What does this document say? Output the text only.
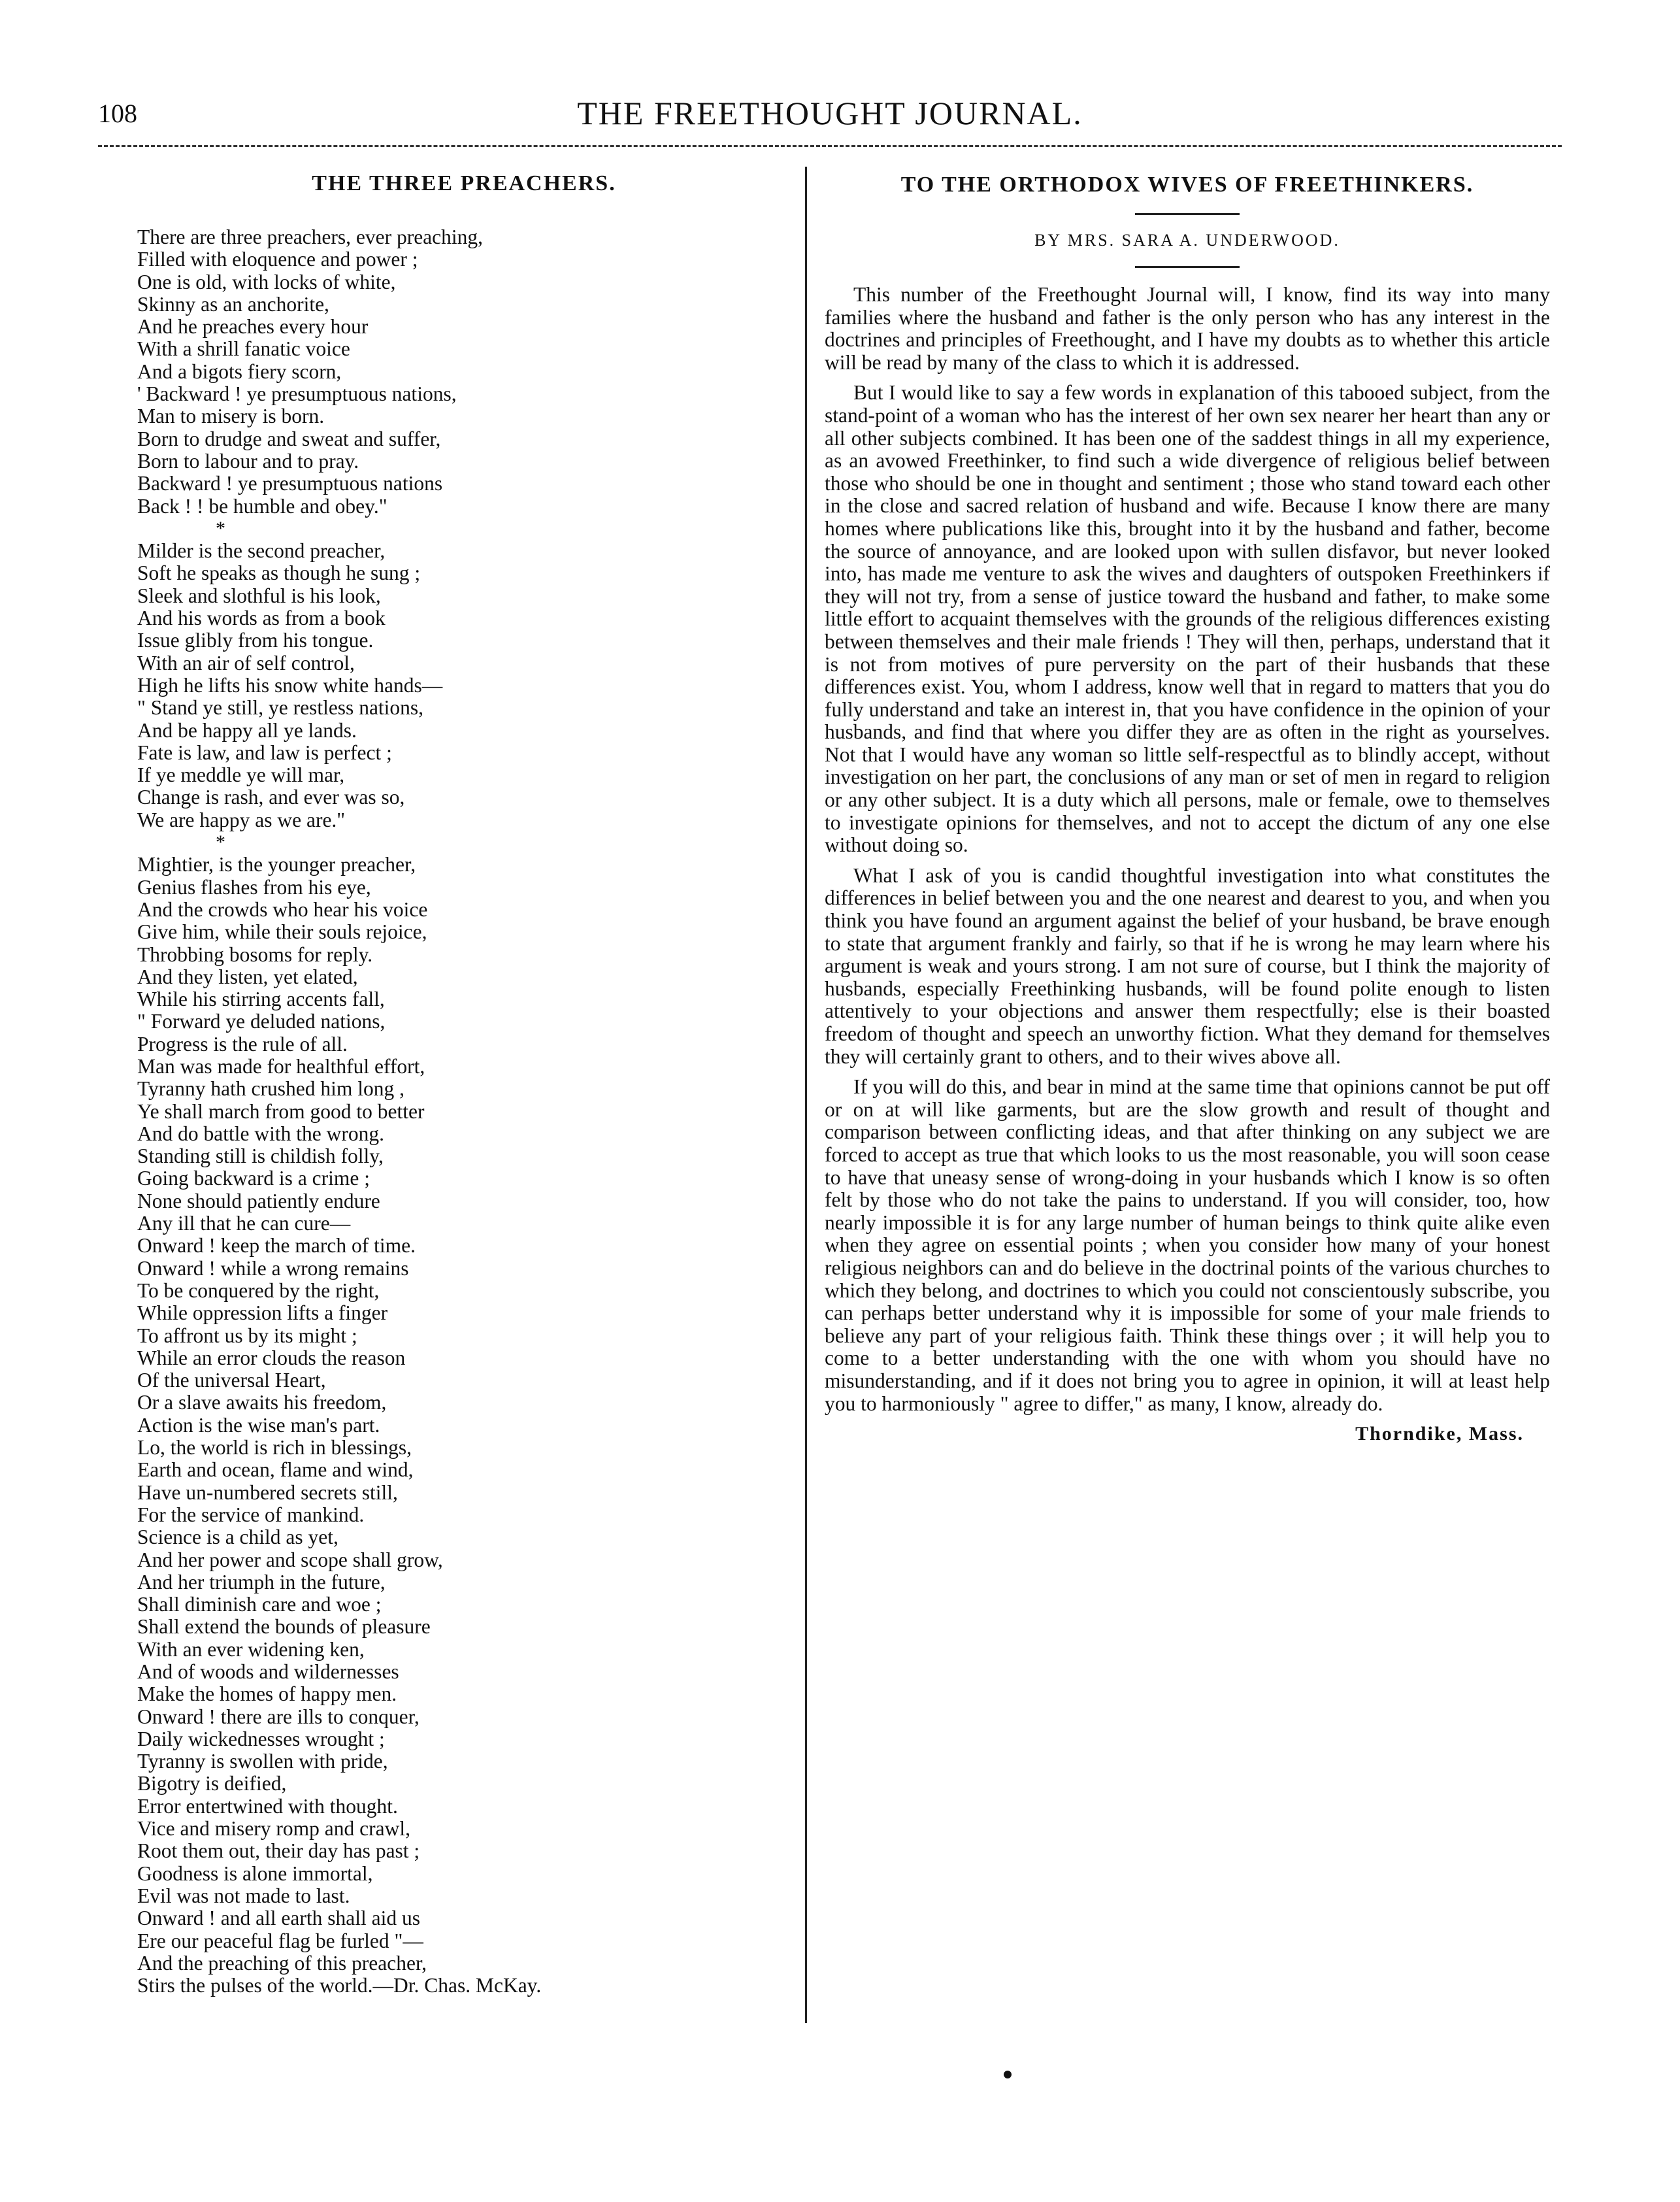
108	THE FREETHOUGHT JOURNAL.
THE THREE PREACHERS.
There are three preachers, ever preaching,
Filled with eloquence and power ;
One is old, with locks of white,
Skinny as an anchorite,
And he preaches every hour
With a shrill fanatic voice
And a bigots fiery scorn,
' Backward ! ye presumptuous nations,
Man to misery is born.
Born to drudge and sweat and suffer,
Born to labour and to pray.
Backward ! ye presumptuous nations
Back ! ! be humble and obey."
*
Milder is the second preacher,
Soft he speaks as though he sung ;
Sleek and slothful is his look,
And his words as from a book
Issue glibly from his tongue.
With an air of self control,
High he lifts his snow white hands—
" Stand ye still, ye restless nations,
And be happy all ye lands.
Fate is law, and law is perfect ;
If ye meddle ye will mar,
Change is rash, and ever was so,
We are happy as we are."
*
Mightier, is the younger preacher,
Genius flashes from his eye,
And the crowds who hear his voice
Give him, while their souls rejoice,
Throbbing bosoms for reply.
And they listen, yet elated,
While his stirring accents fall,
" Forward ye deluded nations,
Progress is the rule of all.
Man was made for healthful effort,
Tyranny hath crushed him long ,
Ye shall march from good to better
And do battle with the wrong.
Standing still is childish folly,
Going backward is a crime ;
None should patiently endure
Any ill that he can cure—
Onward ! keep the march of time.
Onward ! while a wrong remains
To be conquered by the right,
While oppression lifts a finger
To affront us by its might ;
While an error clouds the reason
Of the universal Heart,
Or a slave awaits his freedom,
Action is the wise man's part.
Lo, the world is rich in blessings,
Earth and ocean, flame and wind,
Have un-numbered secrets still,
For the service of mankind.
Science is a child as yet,
And her power and scope shall grow,
And her triumph in the future,
Shall diminish care and woe ;
Shall extend the bounds of pleasure
With an ever widening ken,
And of woods and wildernesses
Make the homes of happy men.
Onward ! there are ills to conquer,
Daily wickednesses wrought ;
Tyranny is swollen with pride,
Bigotry is deified,
Error entertwined with thought.
Vice and misery romp and crawl,
Root them out, their day has past ;
Goodness is alone immortal,
Evil was not made to last.
Onward ! and all earth shall aid us
Ere our peaceful flag be furled "—
And the preaching of this preacher,
Stirs the pulses of the world.—Dr. Chas. McKay.
TO THE ORTHODOX WIVES OF FREETHINKERS.
BY MRS. SARA A. UNDERWOOD.

This number of the Freethought Journal will, I know, find its way into many families where the husband and father is the only person who has any interest in the doctrines and principles of Freethought, and I have my doubts as to whether this article will be read by many of the class to which it is addressed.

But I would like to say a few words in explanation of this tabooed subject, from the stand-point of a woman who has the interest of her own sex nearer her heart than any or all other subjects combined. It has been one of the saddest things in all my experience, as an avowed Freethinker, to find such a wide divergence of religious belief between those who should be one in thought and sentiment ; those who stand toward each other in the close and sacred relation of husband and wife. Because I know there are many homes where publications like this, brought into it by the husband and father, become the source of annoyance, and are looked upon with sullen disfavor, but never looked into, has made me venture to ask the wives and daughters of outspoken Freethinkers if they will not try, from a sense of justice toward the husband and father, to make some little effort to acquaint themselves with the grounds of the religious differences existing between themselves and their male friends ! They will then, perhaps, understand that it is not from motives of pure perversity on the part of their husbands that these differences exist. You, whom I address, know well that in regard to matters that you do fully understand and take an interest in, that you have confidence in the opinion of your husbands, and find that where you differ they are as often in the right as yourselves. Not that I would have any woman so little self-respectful as to blindly accept, without investigation on her part, the conclusions of any man or set of men in regard to religion or any other subject. It is a duty which all persons, male or female, owe to themselves to investigate opinions for themselves, and not to accept the dictum of any one else without doing so.

What I ask of you is candid thoughtful investigation into what constitutes the differences in belief between you and the one nearest and dearest to you, and when you think you have found an argument against the belief of your husband, be brave enough to state that argument frankly and fairly, so that if he is wrong he may learn where his argument is weak and yours strong. I am not sure of course, but I think the majority of husbands, especially Freethinking husbands, will be found polite enough to listen attentively to your objections and answer them respectfully; else is their boasted freedom of thought and speech an unworthy fiction. What they demand for themselves they will certainly grant to others, and to their wives above all.

If you will do this, and bear in mind at the same time that opinions cannot be put off or on at will like garments, but are the slow growth and result of thought and comparison between conflicting ideas, and that after thinking on any subject we are forced to accept as true that which looks to us the most reasonable, you will soon cease to have that uneasy sense of wrong-doing in your husbands which I know is so often felt by those who do not take the pains to understand. If you will consider, too, how nearly impossible it is for any large number of human beings to think quite alike even when they agree on essential points ; when you consider how many of your honest religious neighbors can and do believe in the doctrinal points of the various churches to which they belong, and doctrines to which you could not conscientously subscribe, you can perhaps better understand why it is impossible for some of your male friends to believe any part of your religious faith. Think these things over ; it will help you to come to a better understanding with the one with whom you should have no misunderstanding, and if it does not bring you to agree in opinion, it will at least help you to harmoniously " agree to differ," as many, I know, already do.

Thorndike, Mass.
